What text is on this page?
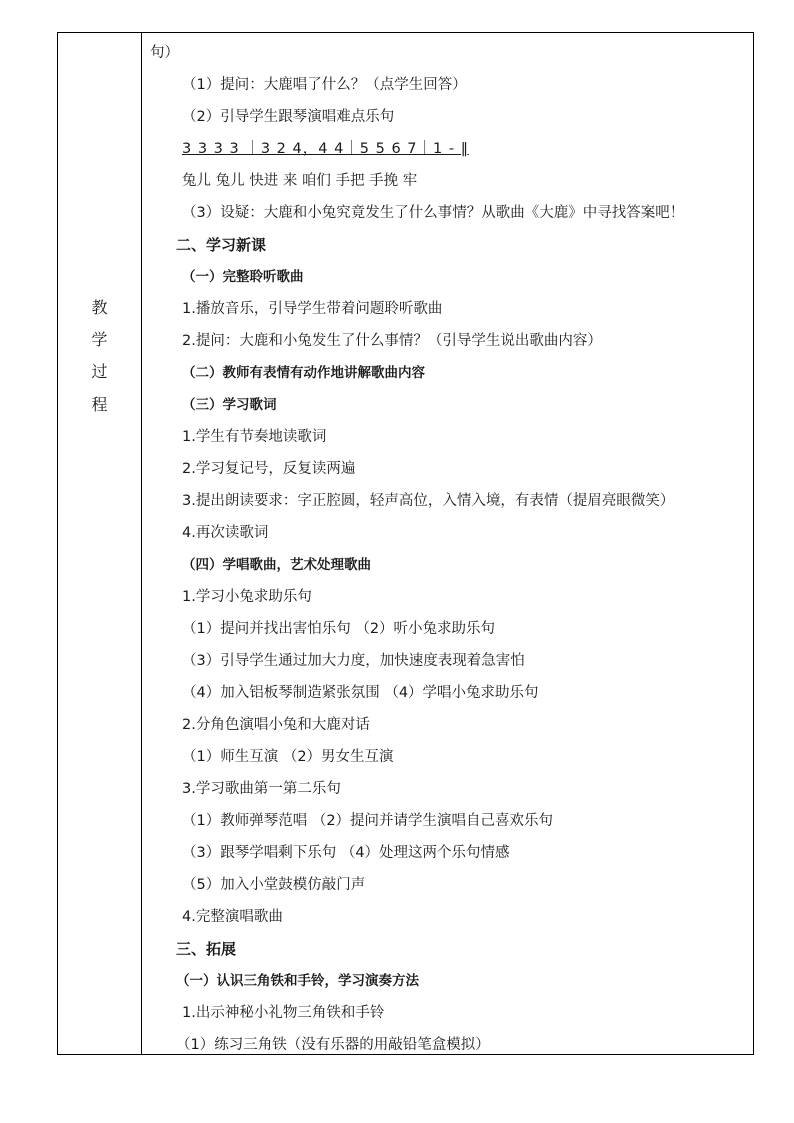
教
学
过
程
句）
（1）提问：大鹿唱了什么？（点学生回答）
（2）引导学生跟琴演唱难点乐句
3 3 3 3 ｜3 2 4，4 4｜5 5 6 7｜1 - ‖
兔儿 兔儿 快进 来 咱们 手把 手挽 牢
（3）设疑：大鹿和小兔究竟发生了什么事情？从歌曲《大鹿》中寻找答案吧！
二、学习新课
（一）完整聆听歌曲
1.播放音乐，引导学生带着问题聆听歌曲
2.提问：大鹿和小兔发生了什么事情？（引导学生说出歌曲内容）
（二）教师有表情有动作地讲解歌曲内容
（三）学习歌词
1.学生有节奏地读歌词
2.学习复记号，反复读两遍
3.提出朗读要求：字正腔圆，轻声高位，入情入境，有表情（提眉亮眼微笑）
4.再次读歌词
（四）学唱歌曲，艺术处理歌曲
1.学习小兔求助乐句
（1）提问并找出害怕乐句 （2）听小兔求助乐句
（3）引导学生通过加大力度，加快速度表现着急害怕
（4）加入铝板琴制造紧张氛围 （4）学唱小兔求助乐句
2.分角色演唱小兔和大鹿对话
（1）师生互演 （2）男女生互演
3.学习歌曲第一第二乐句
（1）教师弹琴范唱 （2）提问并请学生演唱自己喜欢乐句
（3）跟琴学唱剩下乐句 （4）处理这两个乐句情感
（5）加入小堂鼓模仿敲门声
4.完整演唱歌曲
三、拓展
（一）认识三角铁和手铃，学习演奏方法
1.出示神秘小礼物三角铁和手铃
（1）练习三角铁（没有乐器的用敲铅笔盒模拟）
